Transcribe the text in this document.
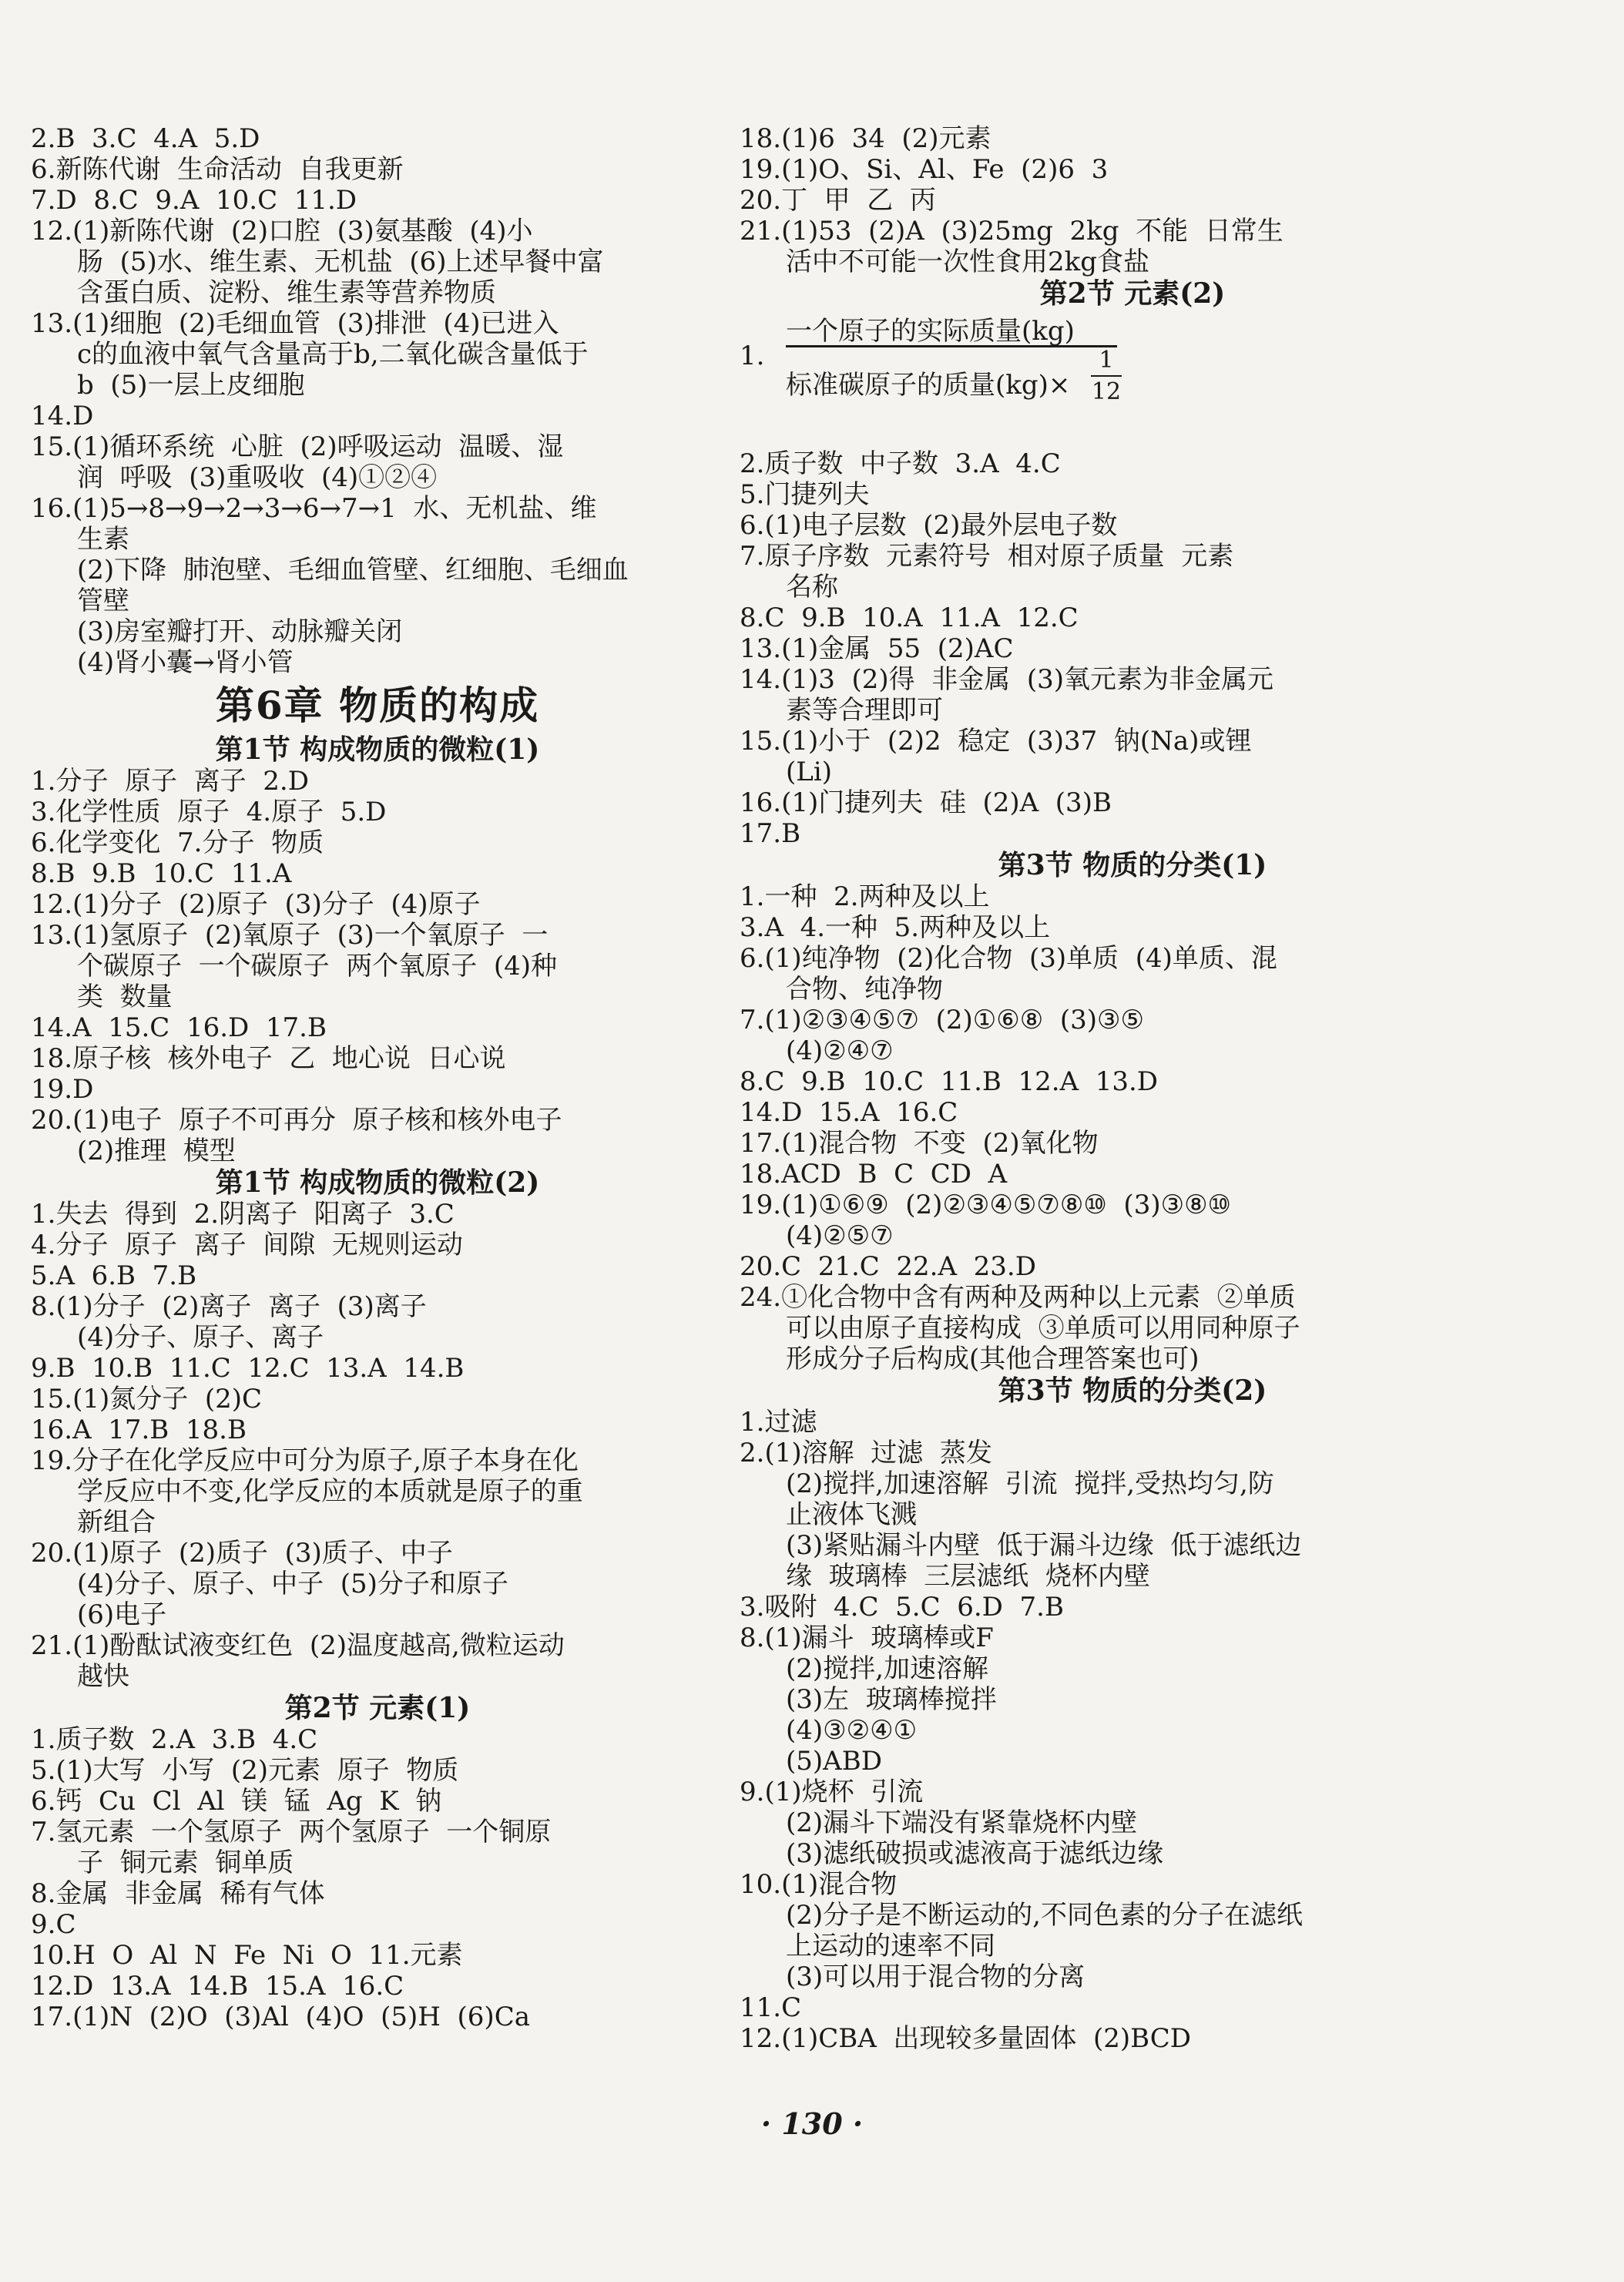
2.B  3.C  4.A  5.D
6.新陈代谢  生命活动  自我更新
7.D  8.C  9.A  10.C  11.D
12.(1)新陈代谢  (2)口腔  (3)氨基酸  (4)小
肠  (5)水、维生素、无机盐  (6)上述早餐中富
含蛋白质、淀粉、维生素等营养物质
13.(1)细胞  (2)毛细血管  (3)排泄  (4)已进入
c的血液中氧气含量高于b,二氧化碳含量低于
b  (5)一层上皮细胞
14.D
15.(1)循环系统  心脏  (2)呼吸运动  温暖、湿
润  呼吸  (3)重吸收  (4)①②④
16.(1)5→8→9→2→3→6→7→1  水、无机盐、维
生素
(2)下降  肺泡壁、毛细血管壁、红细胞、毛细血
管壁
(3)房室瓣打开、动脉瓣关闭
(4)肾小囊→肾小管
第6章 物质的构成
第1节 构成物质的微粒(1)
1.分子  原子  离子  2.D
3.化学性质  原子  4.原子  5.D
6.化学变化  7.分子  物质
8.B  9.B  10.C  11.A
12.(1)分子  (2)原子  (3)分子  (4)原子
13.(1)氢原子  (2)氧原子  (3)一个氧原子  一
个碳原子  一个碳原子  两个氧原子  (4)种
类  数量
14.A  15.C  16.D  17.B
18.原子核  核外电子  乙  地心说  日心说
19.D
20.(1)电子  原子不可再分  原子核和核外电子
(2)推理  模型
第1节 构成物质的微粒(2)
1.失去  得到  2.阴离子  阳离子  3.C
4.分子  原子  离子  间隙  无规则运动
5.A  6.B  7.B
8.(1)分子  (2)离子  离子  (3)离子
(4)分子、原子、离子
9.B  10.B  11.C  12.C  13.A  14.B
15.(1)氮分子  (2)C
16.A  17.B  18.B
19.分子在化学反应中可分为原子,原子本身在化
学反应中不变,化学反应的本质就是原子的重
新组合
20.(1)原子  (2)质子  (3)质子、中子
(4)分子、原子、中子  (5)分子和原子
(6)电子
21.(1)酚酞试液变红色  (2)温度越高,微粒运动
越快
第2节 元素(1)
1.质子数  2.A  3.B  4.C
5.(1)大写  小写  (2)元素  原子  物质
6.钙  Cu  Cl  Al  镁  锰  Ag  K  钠
7.氢元素  一个氢原子  两个氢原子  一个铜原
子  铜元素  铜单质
8.金属  非金属  稀有气体
9.C
10.H  O  Al  N  Fe  Ni  O  11.元素
12.D  13.A  14.B  15.A  16.C
17.(1)N  (2)O  (3)Al  (4)O  (5)H  (6)Ca
18.(1)6  34  (2)元素
19.(1)O、Si、Al、Fe  (2)6  3
20.丁  甲  乙  丙
21.(1)53  (2)A  (3)25mg  2kg  不能  日常生
活中不可能一次性食用2kg食盐
第2节 元素(2)
1.
一个原子的实际质量(kg)
标准碳原子的质量(kg)×
1
12
2.质子数  中子数  3.A  4.C
5.门捷列夫
6.(1)电子层数  (2)最外层电子数
7.原子序数  元素符号  相对原子质量  元素
名称
8.C  9.B  10.A  11.A  12.C
13.(1)金属  55  (2)AC
14.(1)3  (2)得  非金属  (3)氧元素为非金属元
素等合理即可
15.(1)小于  (2)2  稳定  (3)37  钠(Na)或锂
(Li)
16.(1)门捷列夫  硅  (2)A  (3)B
17.B
第3节 物质的分类(1)
1.一种  2.两种及以上
3.A  4.一种  5.两种及以上
6.(1)纯净物  (2)化合物  (3)单质  (4)单质、混
合物、纯净物
7.(1)②③④⑤⑦  (2)①⑥⑧  (3)③⑤
(4)②④⑦
8.C  9.B  10.C  11.B  12.A  13.D
14.D  15.A  16.C
17.(1)混合物  不变  (2)氧化物
18.ACD  B  C  CD  A
19.(1)①⑥⑨  (2)②③④⑤⑦⑧⑩  (3)③⑧⑩
(4)②⑤⑦
20.C  21.C  22.A  23.D
24.①化合物中含有两种及两种以上元素  ②单质
可以由原子直接构成  ③单质可以用同种原子
形成分子后构成(其他合理答案也可)
第3节 物质的分类(2)
1.过滤
2.(1)溶解  过滤  蒸发
(2)搅拌,加速溶解  引流  搅拌,受热均匀,防
止液体飞溅
(3)紧贴漏斗内壁  低于漏斗边缘  低于滤纸边
缘  玻璃棒  三层滤纸  烧杯内壁
3.吸附  4.C  5.C  6.D  7.B
8.(1)漏斗  玻璃棒或F
(2)搅拌,加速溶解
(3)左  玻璃棒搅拌
(4)③②④①
(5)ABD
9.(1)烧杯  引流
(2)漏斗下端没有紧靠烧杯内壁
(3)滤纸破损或滤液高于滤纸边缘
10.(1)混合物
(2)分子是不断运动的,不同色素的分子在滤纸
上运动的速率不同
(3)可以用于混合物的分离
11.C
12.(1)CBA  出现较多量固体  (2)BCD
· 130 ·
